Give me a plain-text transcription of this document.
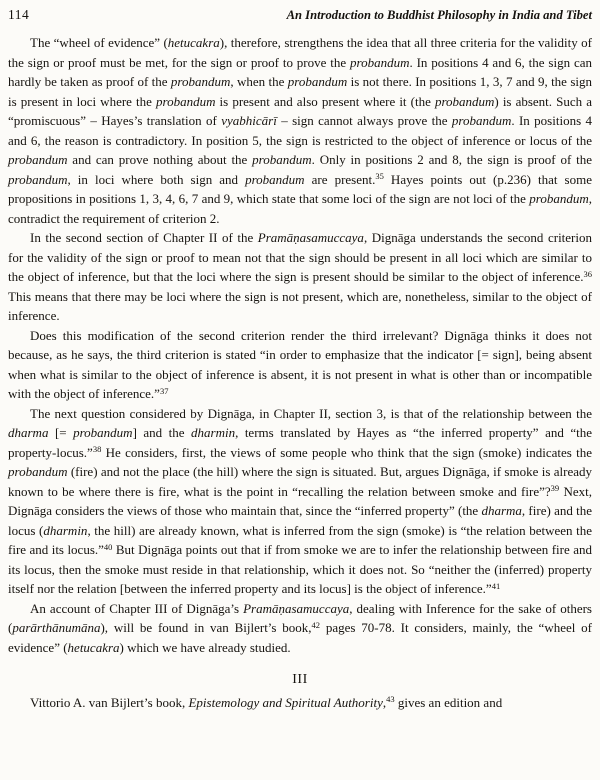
114	An Introduction to Buddhist Philosophy in India and Tibet

The “wheel of evidence” (hetucakra), therefore, strengthens the idea that all three criteria for the validity of the sign or proof must be met, for the sign or proof to prove the probandum. In positions 4 and 6, the sign can hardly be taken as proof of the probandum, when the probandum is not there. In positions 1, 3, 7 and 9, the sign is present in loci where the probandum is present and also present where it (the probandum) is absent. Such a “promiscuous” – Hayes’s translation of vyabhicārī – sign cannot always prove the probandum. In positions 4 and 6, the reason is contradictory. In position 5, the sign is restricted to the object of inference or locus of the probandum and can prove nothing about the probandum. Only in positions 2 and 8, the sign is proof of the probandum, in loci where both sign and probandum are present.$^{35}$ Hayes points out (p.236) that some propositions in positions 1, 3, 4, 6, 7 and 9, which state that some loci of the sign are not loci of the probandum, contradict the requirement of criterion 2.

In the second section of Chapter II of the Pramāṇasamuccaya, Dignāga understands the second criterion for the validity of the sign or proof to mean not that the sign should be present in all loci which are similar to the object of inference, but that the loci where the sign is present should be similar to the object of inference.$^{36}$ This means that there may be loci where the sign is not present, which are, nonetheless, similar to the object of inference.

Does this modification of the second criterion render the third irrelevant? Dignāga thinks it does not because, as he says, the third criterion is stated “in order to emphasize that the indicator [= sign], being absent when what is similar to the object of inference is absent, it is not present in what is other than or incompatible with the object of inference.”$^{37}$

The next question considered by Dignāga, in Chapter II, section 3, is that of the relationship between the dharma [= probandum] and the dharmin, terms translated by Hayes as “the inferred property” and “the property-locus.”$^{38}$ He considers, first, the views of some people who think that the sign (smoke) indicates the probandum (fire) and not the place (the hill) where the sign is situated. But, argues Dignāga, if smoke is already known to be where there is fire, what is the point in “recalling the relation between smoke and fire”?$^{39}$ Next, Dignāga considers the views of those who maintain that, since the “inferred property” (the dharma, fire) and the locus (dharmin, the hill) are already known, what is inferred from the sign (smoke) is “the relation between the fire and its locus.”$^{40}$ But Dignāga points out that if from smoke we are to infer the relationship between fire and its locus, then the smoke must reside in that relationship, which it does not. So “neither the (inferred) property itself nor the relation [between the inferred property and its locus] is the object of inference.”$^{41}$

An account of Chapter III of Dignāga’s Pramāṇasamuccaya, dealing with Inference for the sake of others (parārthānumāna), will be found in van Bijlert’s book,$^{42}$ pages 70-78. It considers, mainly, the “wheel of evidence” (hetucakra) which we have already studied.

III

Vittorio A. van Bijlert’s book, Epistemology and Spiritual Authority,$^{43}$ gives an edition and
